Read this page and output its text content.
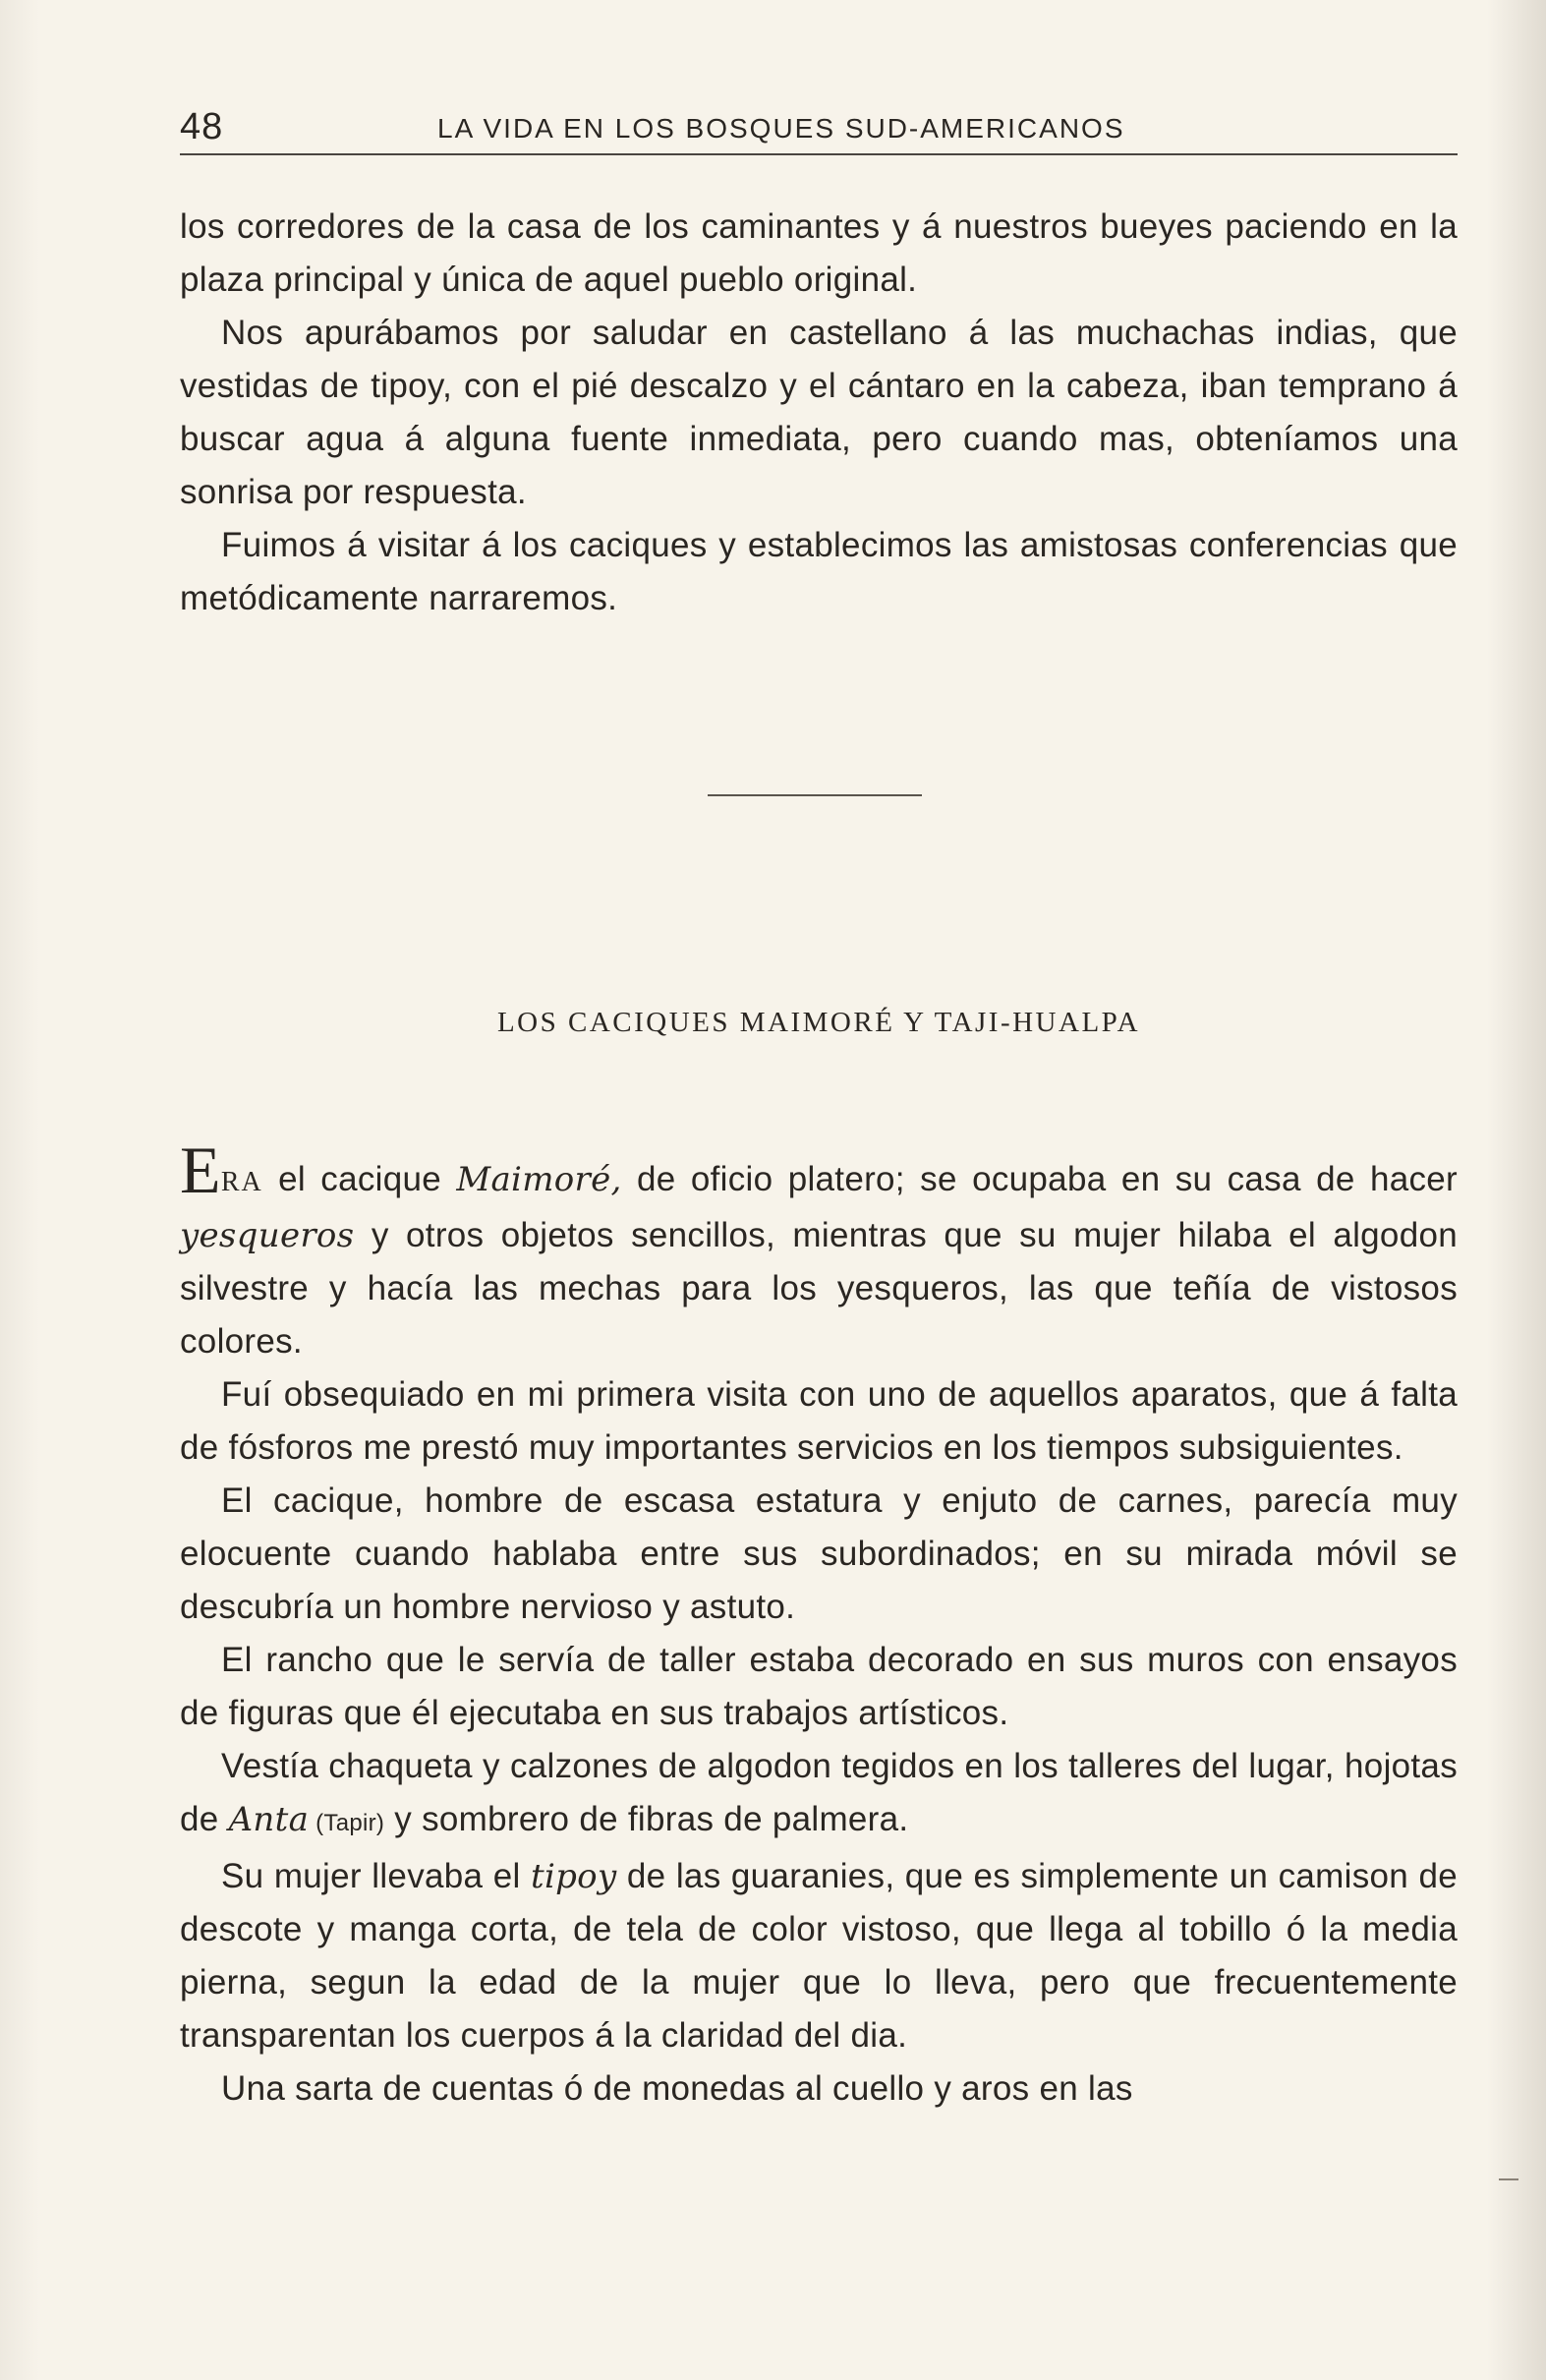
48	LA VIDA EN LOS BOSQUES SUD-AMERICANOS

los corredores de la casa de los caminantes y á nuestros bueyes paciendo en la plaza principal y única de aquel pueblo original.

Nos apurábamos por saludar en castellano á las muchachas indias, que vestidas de tipoy, con el pié descalzo y el cántaro en la cabeza, iban temprano á buscar agua á alguna fuente inmediata, pero cuando mas, obteníamos una sonrisa por respuesta.

Fuimos á visitar á los caciques y establecimos las amistosas conferencias que metódicamente narraremos.

LOS CACIQUES MAIMORÉ Y TAJI-HUALPA

ERA el cacique Maimoré, de oficio platero; se ocupaba en su casa de hacer yesqueros y otros objetos sencillos, mientras que su mujer hilaba el algodon silvestre y hacía las mechas para los yesqueros, las que teñía de vistosos colores.

Fuí obsequiado en mi primera visita con uno de aquellos aparatos, que á falta de fósforos me prestó muy importantes servicios en los tiempos subsiguientes.

El cacique, hombre de escasa estatura y enjuto de carnes, parecía muy elocuente cuando hablaba entre sus subordinados; en su mirada móvil se descubría un hombre nervioso y astuto.

El rancho que le servía de taller estaba decorado en sus muros con ensayos de figuras que él ejecutaba en sus trabajos artísticos.

Vestía chaqueta y calzones de algodon tegidos en los talleres del lugar, hojotas de Anta (Tapir) y sombrero de fibras de palmera.

Su mujer llevaba el tipoy de las guaranies, que es simplemente un camison de descote y manga corta, de tela de color vistoso, que llega al tobillo ó la media pierna, segun la edad de la mujer que lo lleva, pero que frecuentemente transparentan los cuerpos á la claridad del dia.

Una sarta de cuentas ó de monedas al cuello y aros en las
